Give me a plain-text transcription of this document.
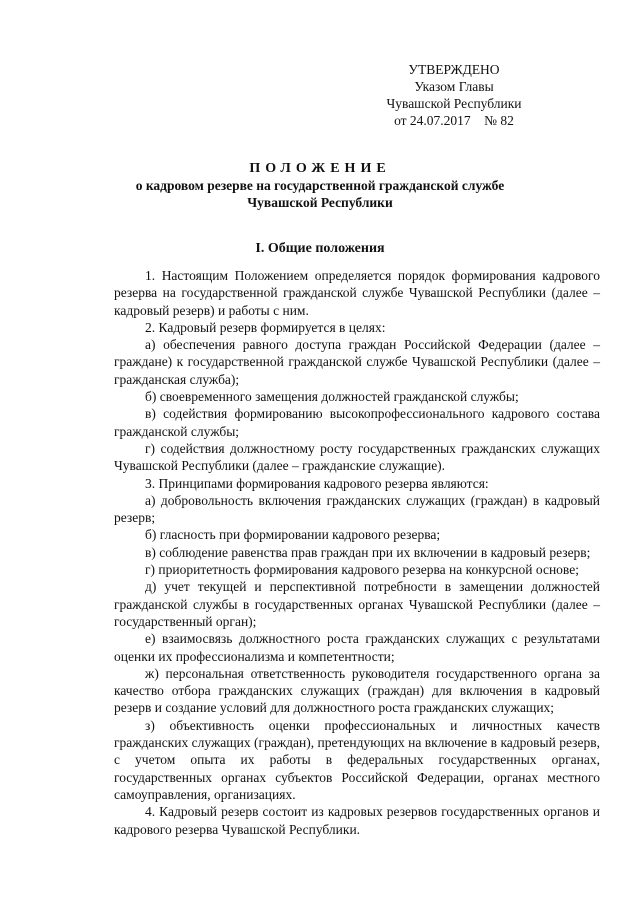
УТВЕРЖДЕНО
Указом Главы
Чувашской Республики
от 24.07.2017    № 82
ПОЛОЖЕНИЕ
о кадровом резерве на государственной гражданской службе
Чувашской Республики
I. Общие положения

1. Настоящим Положением определяется порядок формирования кадрового резерва на государственной гражданской службе Чувашской Республики (далее – кадровый резерв) и работы с ним.

2. Кадровый резерв формируется в целях:

а) обеспечения равного доступа граждан Российской Федерации (далее – граждане) к государственной гражданской службе Чувашской Республики (далее – гражданская служба);

б) своевременного замещения должностей гражданской службы;

в) содействия формированию высокопрофессионального кадрового состава гражданской службы;

г) содействия должностному росту государственных гражданских служащих Чувашской Республики (далее – гражданские служащие).

3. Принципами формирования кадрового резерва являются:

а) добровольность включения гражданских служащих (граждан) в кадровый резерв;

б) гласность при формировании кадрового резерва;

в) соблюдение равенства прав граждан при их включении в кадровый резерв;

г) приоритетность формирования кадрового резерва на конкурсной основе;

д) учет текущей и перспективной потребности в замещении должностей гражданской службы в государственных органах Чувашской Республики (далее – государственный орган);

е) взаимосвязь должностного роста гражданских служащих с результатами оценки их профессионализма и компетентности;

ж) персональная ответственность руководителя государственного органа за качество отбора гражданских служащих (граждан) для включения в кадровый резерв и создание условий для должностного роста гражданских служащих;

з) объективность оценки профессиональных и личностных качеств гражданских служащих (граждан), претендующих на включение в кадровый резерв, с учетом опыта их работы в федеральных государственных органах, государственных органах субъектов Российской Федерации, органах местного самоуправления, организациях.

4. Кадровый резерв состоит из кадровых резервов государственных органов и кадрового резерва Чувашской Республики.
